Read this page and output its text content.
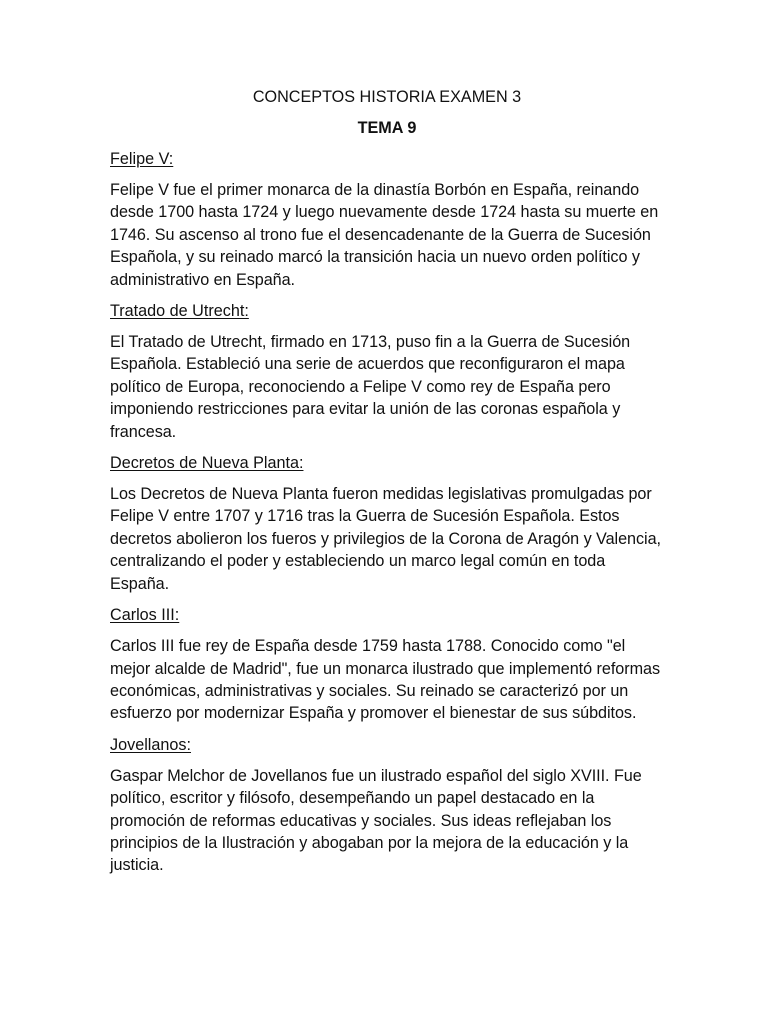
CONCEPTOS HISTORIA EXAMEN 3
TEMA 9
Felipe V:

Felipe V fue el primer monarca de la dinastía Borbón en España, reinando desde 1700 hasta 1724 y luego nuevamente desde 1724 hasta su muerte en 1746. Su ascenso al trono fue el desencadenante de la Guerra de Sucesión Española, y su reinado marcó la transición hacia un nuevo orden político y administrativo en España.

Tratado de Utrecht:

El Tratado de Utrecht, firmado en 1713, puso fin a la Guerra de Sucesión Española. Estableció una serie de acuerdos que reconfiguraron el mapa político de Europa, reconociendo a Felipe V como rey de España pero imponiendo restricciones para evitar la unión de las coronas española y francesa.

Decretos de Nueva Planta:

Los Decretos de Nueva Planta fueron medidas legislativas promulgadas por Felipe V entre 1707 y 1716 tras la Guerra de Sucesión Española. Estos decretos abolieron los fueros y privilegios de la Corona de Aragón y Valencia, centralizando el poder y estableciendo un marco legal común en toda España.

Carlos III:

Carlos III fue rey de España desde 1759 hasta 1788. Conocido como "el mejor alcalde de Madrid", fue un monarca ilustrado que implementó reformas económicas, administrativas y sociales. Su reinado se caracterizó por un esfuerzo por modernizar España y promover el bienestar de sus súbditos.

Jovellanos:

Gaspar Melchor de Jovellanos fue un ilustrado español del siglo XVIII. Fue político, escritor y filósofo, desempeñando un papel destacado en la promoción de reformas educativas y sociales. Sus ideas reflejaban los principios de la Ilustración y abogaban por la mejora de la educación y la justicia.
